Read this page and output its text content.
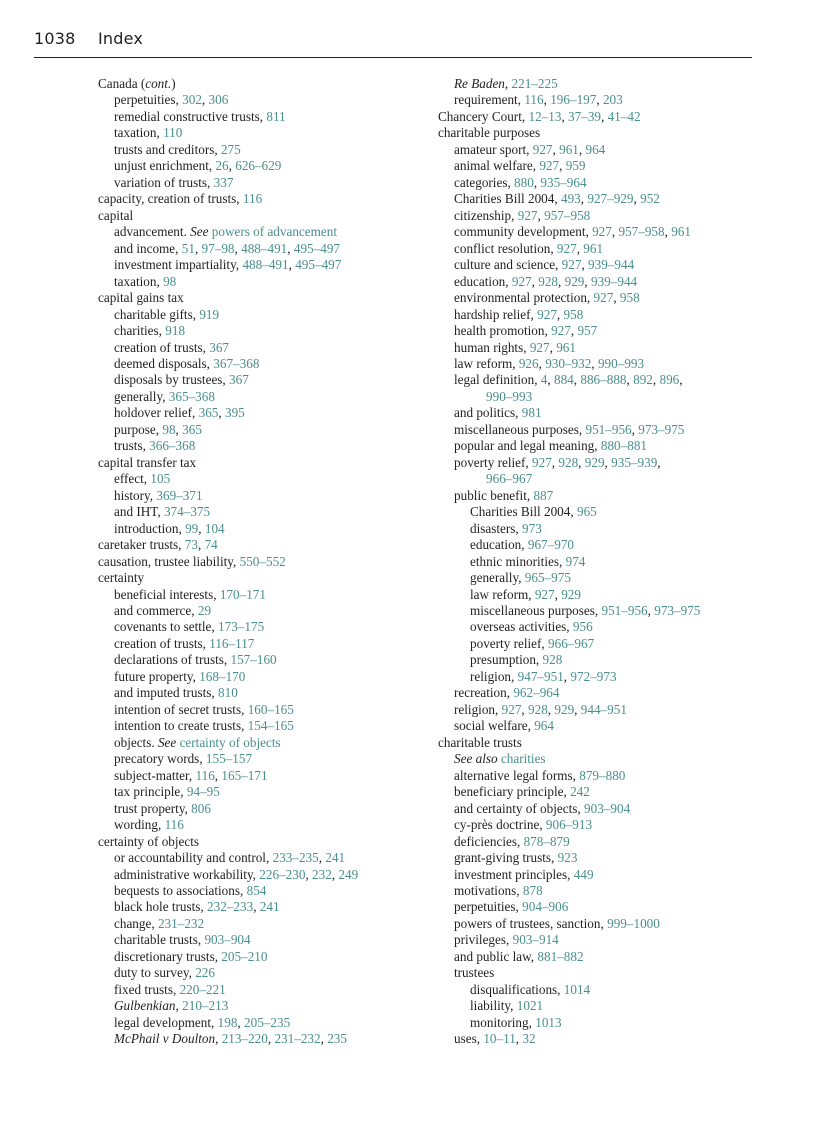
1038 Index
Canada (cont.)
perpetuities, 302, 306
remedial constructive trusts, 811
taxation, 110
trusts and creditors, 275
unjust enrichment, 26, 626–629
variation of trusts, 337
capacity, creation of trusts, 116
capital
advancement. See powers of advancement
and income, 51, 97–98, 488–491, 495–497
investment impartiality, 488–491, 495–497
taxation, 98
capital gains tax
charitable gifts, 919
charities, 918
creation of trusts, 367
deemed disposals, 367–368
disposals by trustees, 367
generally, 365–368
holdover relief, 365, 395
purpose, 98, 365
trusts, 366–368
capital transfer tax
effect, 105
history, 369–371
and IHT, 374–375
introduction, 99, 104
caretaker trusts, 73, 74
causation, trustee liability, 550–552
certainty
beneficial interests, 170–171
and commerce, 29
covenants to settle, 173–175
creation of trusts, 116–117
declarations of trusts, 157–160
future property, 168–170
and imputed trusts, 810
intention of secret trusts, 160–165
intention to create trusts, 154–165
objects. See certainty of objects
precatory words, 155–157
subject-matter, 116, 165–171
tax principle, 94–95
trust property, 806
wording, 116
certainty of objects
or accountability and control, 233–235, 241
administrative workability, 226–230, 232, 249
bequests to associations, 854
black hole trusts, 232–233, 241
change, 231–232
charitable trusts, 903–904
discretionary trusts, 205–210
duty to survey, 226
fixed trusts, 220–221
Gulbenkian, 210–213
legal development, 198, 205–235
McPhail v Doulton, 213–220, 231–232, 235
Re Baden, 221–225
requirement, 116, 196–197, 203
Chancery Court, 12–13, 37–39, 41–42
charitable purposes
amateur sport, 927, 961, 964
animal welfare, 927, 959
categories, 880, 935–964
Charities Bill 2004, 493, 927–929, 952
citizenship, 927, 957–958
community development, 927, 957–958, 961
conflict resolution, 927, 961
culture and science, 927, 939–944
education, 927, 928, 929, 939–944
environmental protection, 927, 958
hardship relief, 927, 958
health promotion, 927, 957
human rights, 927, 961
law reform, 926, 930–932, 990–993
legal definition, 4, 884, 886–888, 892, 896,
990–993
and politics, 981
miscellaneous purposes, 951–956, 973–975
popular and legal meaning, 880–881
poverty relief, 927, 928, 929, 935–939,
966–967
public benefit, 887
Charities Bill 2004, 965
disasters, 973
education, 967–970
ethnic minorities, 974
generally, 965–975
law reform, 927, 929
miscellaneous purposes, 951–956, 973–975
overseas activities, 956
poverty relief, 966–967
presumption, 928
religion, 947–951, 972–973
recreation, 962–964
religion, 927, 928, 929, 944–951
social welfare, 964
charitable trusts
See also charities
alternative legal forms, 879–880
beneficiary principle, 242
and certainty of objects, 903–904
cy-près doctrine, 906–913
deficiencies, 878–879
grant-giving trusts, 923
investment principles, 449
motivations, 878
perpetuities, 904–906
powers of trustees, sanction, 999–1000
privileges, 903–914
and public law, 881–882
trustees
disqualifications, 1014
liability, 1021
monitoring, 1013
uses, 10–11, 32
